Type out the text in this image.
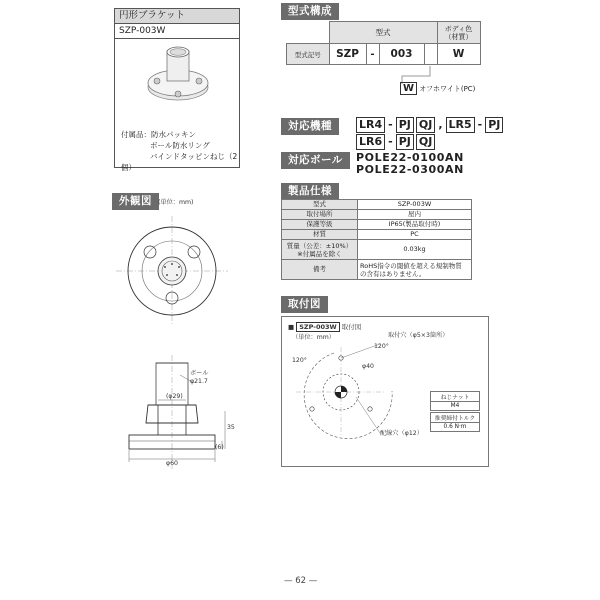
円形ブラケット
SZP-003W
付属品：防水パッキン
ボール防水リング
バインドタッピンねじ（2 個）
型式構成
	型式				ボディ色
（材質）
型式記号	SZP	-	003		W
W オフホワイト(PC)
対応機種	LR4 - PJ QJ , LR5 - PJ
LR6 - PJ QJ
対応ボール	POLE22-0100AN
POLE22-0300AN
製品仕様
型式	SZP-003W
取付場所	屋内
保護等級	IP65(製品取付時)
材質	PC
質量（公差：±10%）
※付属品を除く	0.03kg
備考	RoHS指令の閾値を超える規制物質
の含有はありません。
外観図 (単位：mm)
ボール
φ21.7
(φ29)
35
(6)
φ60
取付図
■ SZP-003W 取付図
（単位：mm）	取付穴（φ5×3箇所）
120°
120°
φ40
配線穴（φ12）
ねじナット
M4
推奨締付トルク
0.6 N·m
— 62 —
